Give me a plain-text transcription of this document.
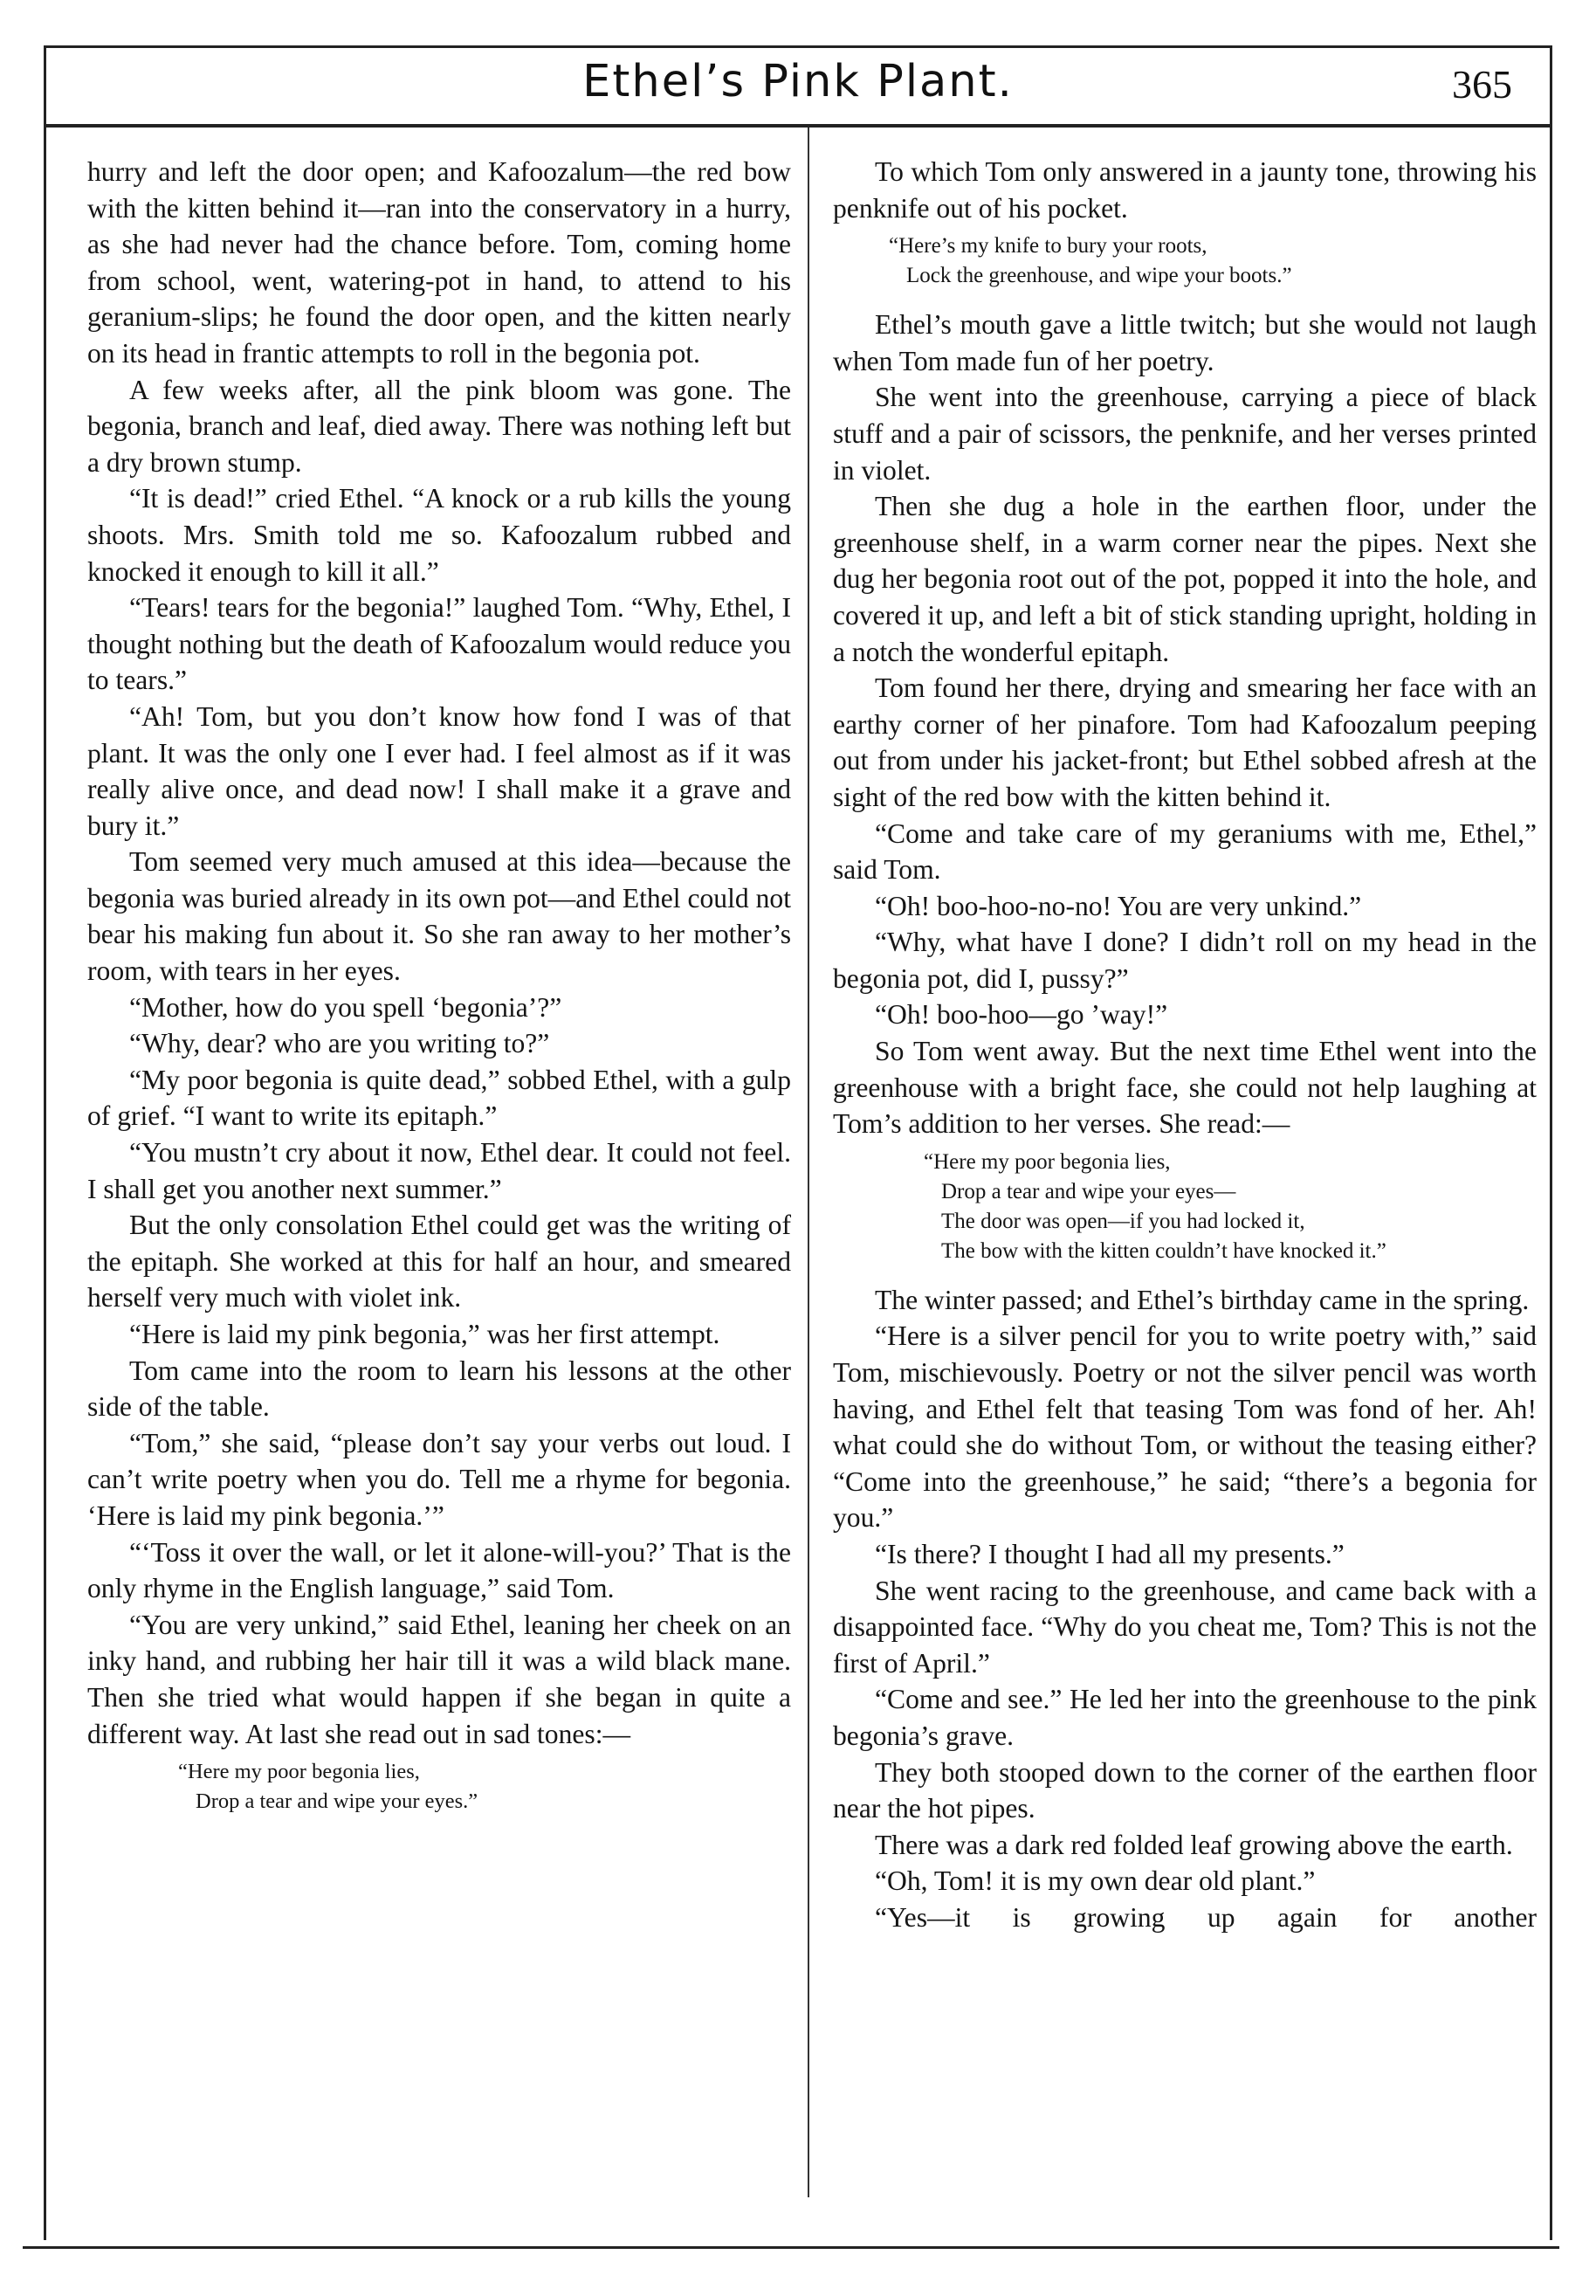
Ethel’s Pink Plant.	365

hurry and left the door open; and Kafoozalum—the red bow with the kitten behind it—ran into the conservatory in a hurry, as she had never had the chance before. Tom, coming home from school, went, watering-pot in hand, to attend to his geranium-slips; he found the door open, and the kitten nearly on its head in frantic attempts to roll in the begonia pot.

A few weeks after, all the pink bloom was gone. The begonia, branch and leaf, died away. There was nothing left but a dry brown stump.

“It is dead!” cried Ethel. “A knock or a rub kills the young shoots. Mrs. Smith told me so. Kafoozalum rubbed and knocked it enough to kill it all.”

“Tears! tears for the begonia!” laughed Tom. “Why, Ethel, I thought nothing but the death of Kafoozalum would reduce you to tears.”

“Ah! Tom, but you don’t know how fond I was of that plant. It was the only one I ever had. I feel almost as if it was really alive once, and dead now! I shall make it a grave and bury it.”

Tom seemed very much amused at this idea—because the begonia was buried already in its own pot—and Ethel could not bear his making fun about it. So she ran away to her mother’s room, with tears in her eyes.

“Mother, how do you spell ‘begonia’?”

“Why, dear? who are you writing to?”

“My poor begonia is quite dead,” sobbed Ethel, with a gulp of grief. “I want to write its epitaph.”

“You mustn’t cry about it now, Ethel dear. It could not feel. I shall get you another next summer.”

But the only consolation Ethel could get was the writing of the epitaph. She worked at this for half an hour, and smeared herself very much with violet ink.

“Here is laid my pink begonia,” was her first attempt.

Tom came into the room to learn his lessons at the other side of the table.

“Tom,” she said, “please don’t say your verbs out loud. I can’t write poetry when you do. Tell me a rhyme for begonia. ‘Here is laid my pink begonia.’”

“‘Toss it over the wall, or let it alone-will-you?’ That is the only rhyme in the English language,” said Tom.

“You are very unkind,” said Ethel, leaning her cheek on an inky hand, and rubbing her hair till it was a wild black mane. Then she tried what would happen if she began in quite a different way. At last she read out in sad tones:—

“Here my poor begonia lies,
Drop a tear and wipe your eyes.”

To which Tom only answered in a jaunty tone, throwing his penknife out of his pocket.

“Here’s my knife to bury your roots,
Lock the greenhouse, and wipe your boots.”

Ethel’s mouth gave a little twitch; but she would not laugh when Tom made fun of her poetry.

She went into the greenhouse, carrying a piece of black stuff and a pair of scissors, the penknife, and her verses printed in violet.

Then she dug a hole in the earthen floor, under the greenhouse shelf, in a warm corner near the pipes. Next she dug her begonia root out of the pot, popped it into the hole, and covered it up, and left a bit of stick standing upright, holding in a notch the wonderful epitaph.

Tom found her there, drying and smearing her face with an earthy corner of her pinafore. Tom had Kafoozalum peeping out from under his jacket-front; but Ethel sobbed afresh at the sight of the red bow with the kitten behind it.

“Come and take care of my geraniums with me, Ethel,” said Tom.

“Oh! boo-hoo-no-no! You are very unkind.”

“Why, what have I done? I didn’t roll on my head in the begonia pot, did I, pussy?”

“Oh! boo-hoo—go ’way!”

So Tom went away. But the next time Ethel went into the greenhouse with a bright face, she could not help laughing at Tom’s addition to her verses. She read:—

“Here my poor begonia lies,
Drop a tear and wipe your eyes—
The door was open—if you had locked it,
The bow with the kitten couldn’t have knocked it.”

The winter passed; and Ethel’s birthday came in the spring.

“Here is a silver pencil for you to write poetry with,” said Tom, mischievously. Poetry or not the silver pencil was worth having, and Ethel felt that teasing Tom was fond of her. Ah! what could she do without Tom, or without the teasing either? “Come into the greenhouse,” he said; “there’s a begonia for you.”

“Is there? I thought I had all my presents.”

She went racing to the greenhouse, and came back with a disappointed face. “Why do you cheat me, Tom? This is not the first of April.”

“Come and see.” He led her into the greenhouse to the pink begonia’s grave.

They both stooped down to the corner of the earthen floor near the hot pipes.

There was a dark red folded leaf growing above the earth.

“Oh, Tom! it is my own dear old plant.”

“Yes—it is growing up again for another
